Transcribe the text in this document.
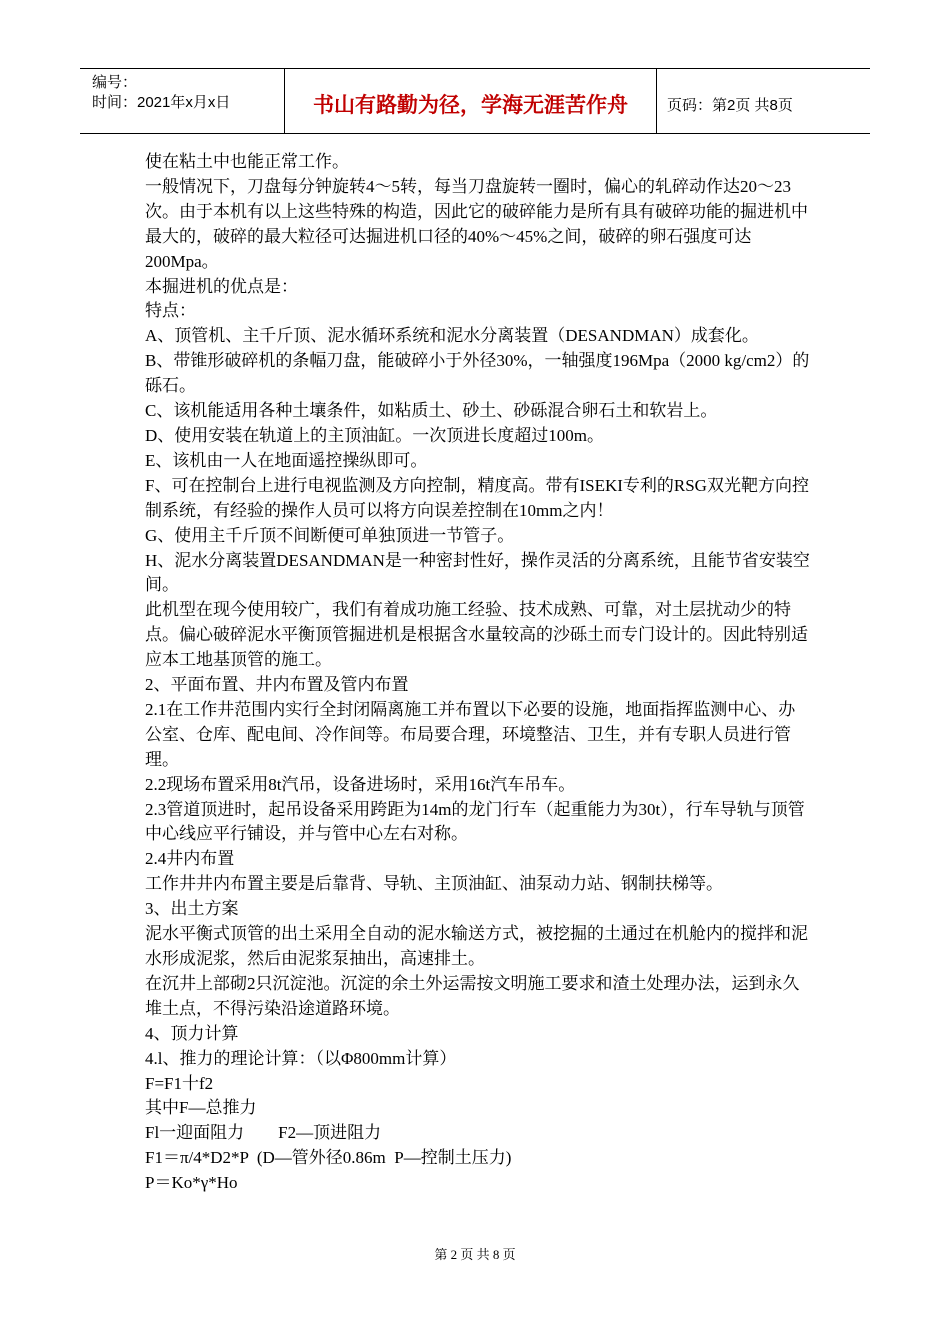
编号：
时间：2021年x月x日	书山有路勤为径，学海无涯苦作舟	页码：第2页 共8页

使在粘土中也能正常工作。

一般情况下，刀盘每分钟旋转4～5转，每当刀盘旋转一圈时，偏心的轧碎动作达20～23次。由于本机有以上这些特殊的构造，因此它的破碎能力是所有具有破碎功能的掘进机中最大的，破碎的最大粒径可达掘进机口径的40%～45%之间，破碎的卵石强度可达200Mpa。

本掘进机的优点是：

特点：

A、顶管机、主千斤顶、泥水循环系统和泥水分离装置（DESANDMAN）成套化。

B、带锥形破碎机的条幅刀盘，能破碎小于外径30%，一轴强度196Mpa（2000 kg/cm2）的砾石。

C、该机能适用各种土壤条件，如粘质土、砂土、砂砾混合卵石土和软岩上。

D、使用安装在轨道上的主顶油缸。一次顶进长度超过100m。

E、该机由一人在地面遥控操纵即可。

F、可在控制台上进行电视监测及方向控制，精度高。带有ISEKI专利的RSG双光靶方向控制系统，有经验的操作人员可以将方向误差控制在10mm之内！

G、使用主千斤顶不间断便可单独顶进一节管子。

H、泥水分离装置DESANDMAN是一种密封性好，操作灵活的分离系统，且能节省安装空间。

此机型在现今使用较广，我们有着成功施工经验、技术成熟、可靠，对土层扰动少的特点。偏心破碎泥水平衡顶管掘进机是根据含水量较高的沙砾土而专门设计的。因此特别适应本工地基顶管的施工。

2、平面布置、井内布置及管内布置

2.1在工作井范围内实行全封闭隔离施工并布置以下必要的设施，地面指挥监测中心、办公室、仓库、配电间、冷作间等。布局要合理，环境整洁、卫生，并有专职人员进行管理。

2.2现场布置采用8t汽吊，设备进场时，采用16t汽车吊车。

2.3管道顶进时，起吊设备采用跨距为14m的龙门行车（起重能力为30t），行车导轨与顶管中心线应平行铺设，并与管中心左右对称。

2.4井内布置

工作井井内布置主要是后靠背、导轨、主顶油缸、油泵动力站、钢制扶梯等。

3、出土方案

泥水平衡式顶管的出土采用全自动的泥水输送方式，被挖掘的土通过在机舱内的搅拌和泥水形成泥浆，然后由泥浆泵抽出，高速排土。

在沉井上部砌2只沉淀池。沉淀的余土外运需按文明施工要求和渣土处理办法，运到永久堆土点，不得污染沿途道路环境。

4、顶力计算

4.l、推力的理论计算：（以Φ800mm计算）

F=F1十f2

其中F—总推力

Fl一迎面阻力　　F2—顶进阻力

F1＝π/4*D2*P  (D—管外径0.86m  P—控制土压力)

P＝Ko*γ*Ho

第 2 页 共 8 页
